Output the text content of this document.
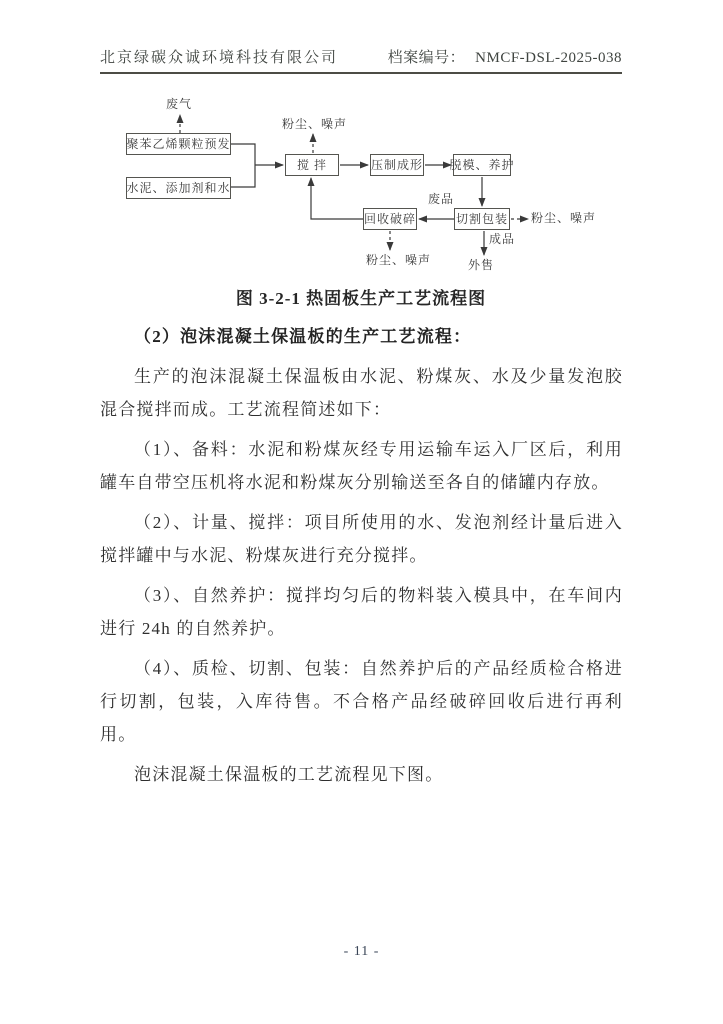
北京绿碳众诚环境科技有限公司	档案编号： NMCF-DSL-2025-038
聚苯乙烯颗粒预发
水泥、添加剂和水
搅 拌	压制成形 脱模、养护
回收破碎	切割包装
废气
粉尘、噪声
废品
粉尘、噪声
成品
外售
粉尘、噪声
图 3-2-1 热固板生产工艺流程图

（2）泡沫混凝土保温板的生产工艺流程：

生产的泡沫混凝土保温板由水泥、粉煤灰、水及少量发泡胶混合搅拌而成。工艺流程简述如下：

（1）、备料：水泥和粉煤灰经专用运输车运入厂区后，利用罐车自带空压机将水泥和粉煤灰分别输送至各自的储罐内存放。

（2）、计量、搅拌：项目所使用的水、发泡剂经计量后进入搅拌罐中与水泥、粉煤灰进行充分搅拌。

（3）、自然养护：搅拌均匀后的物料装入模具中，在车间内进行 24h 的自然养护。

（4）、质检、切割、包装：自然养护后的产品经质检合格进行切割，包装，入库待售。不合格产品经破碎回收后进行再利用。

泡沫混凝土保温板的工艺流程见下图。

- 11 -
